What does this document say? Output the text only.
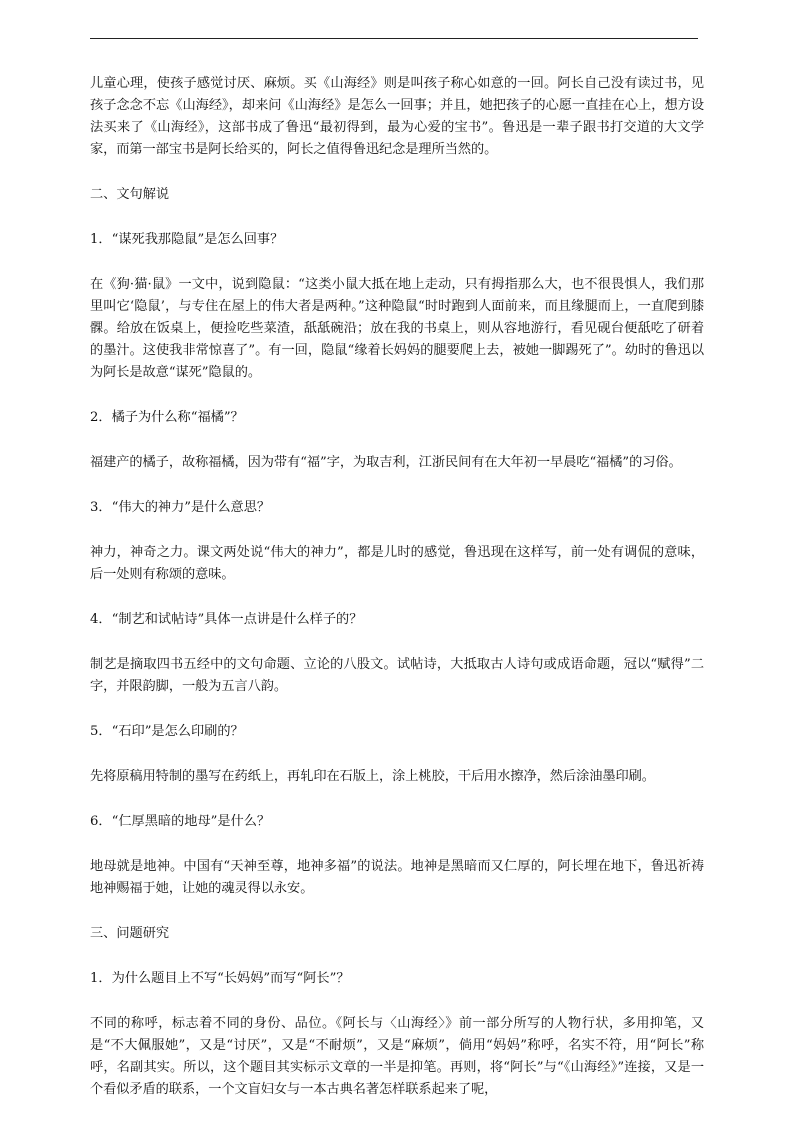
儿童心理，使孩子感觉讨厌、麻烦。买《山海经》则是叫孩子称心如意的一回。阿长自己没有读过书，见孩子念念不忘《山海经》，却来问《山海经》是怎么一回事；并且，她把孩子的心愿一直挂在心上，想方设法买来了《山海经》，这部书成了鲁迅“最初得到，最为心爱的宝书”。鲁迅是一辈子跟书打交道的大文学家，而第一部宝书是阿长给买的，阿长之值得鲁迅纪念是理所当然的。

二、文句解说

1．“谋死我那隐鼠”是怎么回事？

在《狗·猫·鼠》一文中，说到隐鼠：“这类小鼠大抵在地上走动，只有拇指那么大，也不很畏惧人，我们那里叫它‘隐鼠’，与专住在屋上的伟大者是两种。”这种隐鼠“时时跑到人面前来，而且缘腿而上，一直爬到膝髁。给放在饭桌上，便捡吃些菜渣，舐舐碗沿；放在我的书桌上，则从容地游行，看见砚台便舐吃了研着的墨汁。这使我非常惊喜了”。有一回，隐鼠“缘着长妈妈的腿要爬上去，被她一脚踢死了”。幼时的鲁迅以为阿长是故意“谋死”隐鼠的。

2．橘子为什么称“福橘”？

福建产的橘子，故称福橘，因为带有“福”字，为取吉利，江浙民间有在大年初一早晨吃“福橘”的习俗。

3．“伟大的神力”是什么意思？

神力，神奇之力。课文两处说“伟大的神力”，都是儿时的感觉，鲁迅现在这样写，前一处有调侃的意味，后一处则有称颂的意味。

4．“制艺和试帖诗”具体一点讲是什么样子的？

制艺是摘取四书五经中的文句命题、立论的八股文。试帖诗，大抵取古人诗句或成语命题，冠以“赋得”二字，并限韵脚，一般为五言八韵。

5．“石印”是怎么印刷的？

先将原稿用特制的墨写在药纸上，再轧印在石版上，涂上桃胶，干后用水擦净，然后涂油墨印刷。

6．“仁厚黑暗的地母”是什么？

地母就是地神。中国有“天神至尊，地神多福”的说法。地神是黑暗而又仁厚的，阿长埋在地下，鲁迅祈祷地神赐福于她，让她的魂灵得以永安。

三、问题研究

1．为什么题目上不写“长妈妈”而写“阿长”？

不同的称呼，标志着不同的身份、品位。《阿长与〈山海经〉》前一部分所写的人物行状，多用抑笔，又是“不大佩服她”，又是“讨厌”，又是“不耐烦”，又是“麻烦”，倘用“妈妈”称呼，名实不符，用“阿长”称呼，名副其实。所以，这个题目其实标示文章的一半是抑笔。再则，将“阿长”与“《山海经》”连接，又是一个看似矛盾的联系，一个文盲妇女与一本古典名著怎样联系起来了呢，
